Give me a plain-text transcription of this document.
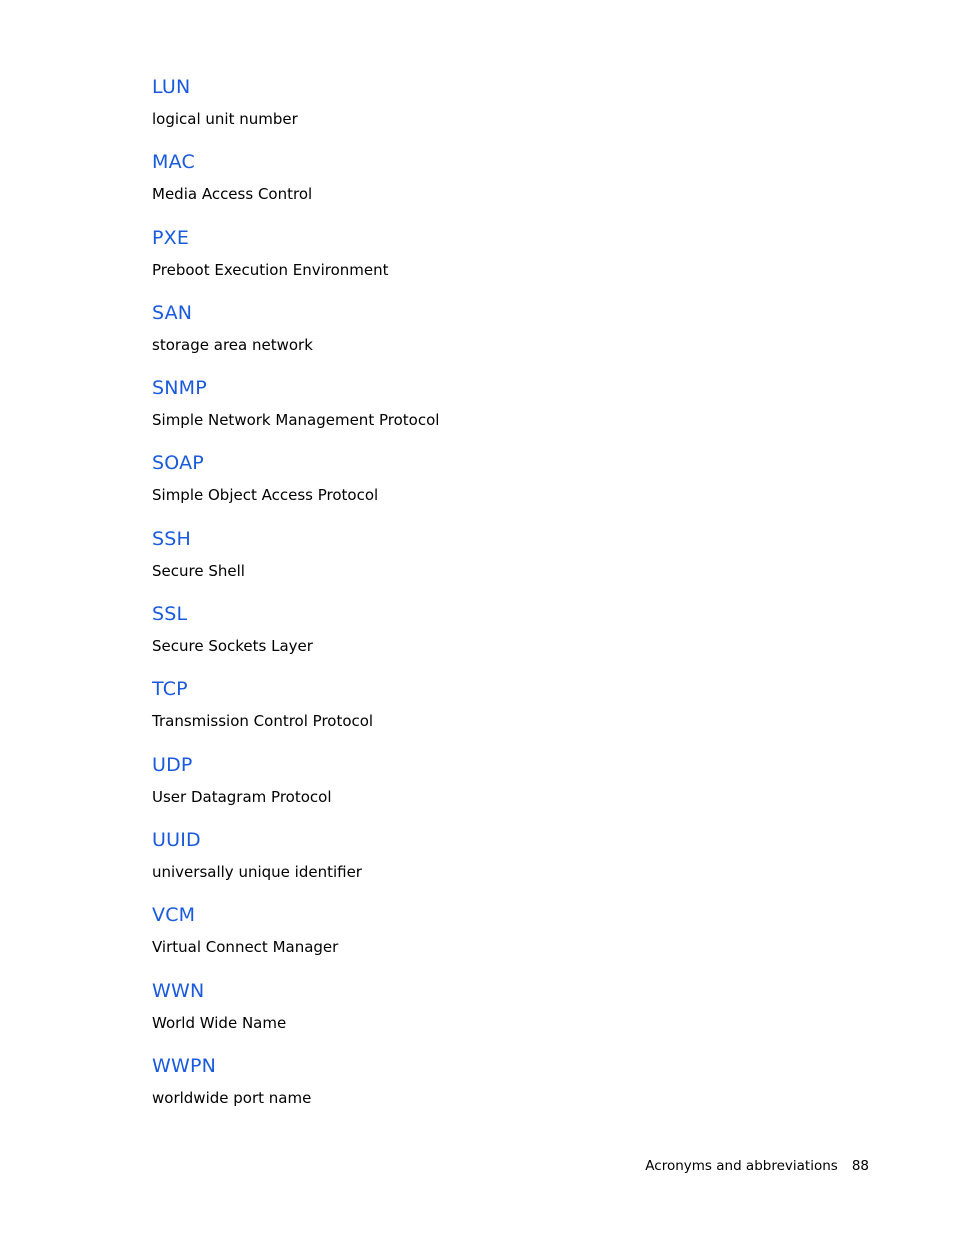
LUN
logical unit number
MAC
Media Access Control
PXE
Preboot Execution Environment
SAN
storage area network
SNMP
Simple Network Management Protocol
SOAP
Simple Object Access Protocol
SSH
Secure Shell
SSL
Secure Sockets Layer
TCP
Transmission Control Protocol
UDP
User Datagram Protocol
UUID
universally unique identifier
VCM
Virtual Connect Manager
WWN
World Wide Name
WWPN
worldwide port name
Acronyms and abbreviations 88
